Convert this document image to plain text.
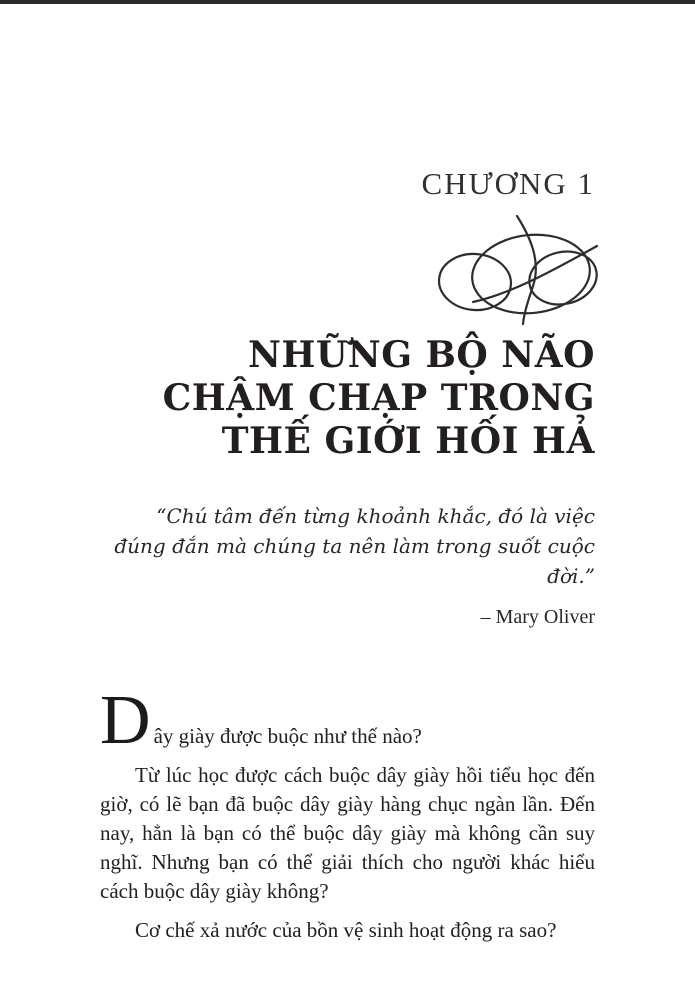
CHƯƠNG 1
NHỮNG BỘ NÃO
CHẬM CHẠP TRONG
THẾ GIỚI HỐI HẢ

“Chú tâm đến từng khoảnh khắc, đó là việc
đúng đắn mà chúng ta nên làm trong suốt cuộc đời.”

– Mary Oliver

Dây giày được buộc như thế nào?

Từ lúc học được cách buộc dây giày hồi tiểu học đến giờ, có lẽ bạn đã buộc dây giày hàng chục ngàn lần. Đến nay, hẳn là bạn có thể buộc dây giày mà không cần suy nghĩ. Nhưng bạn có thể giải thích cho người khác hiểu cách buộc dây giày không?

Cơ chế xả nước của bồn vệ sinh hoạt động ra sao?
